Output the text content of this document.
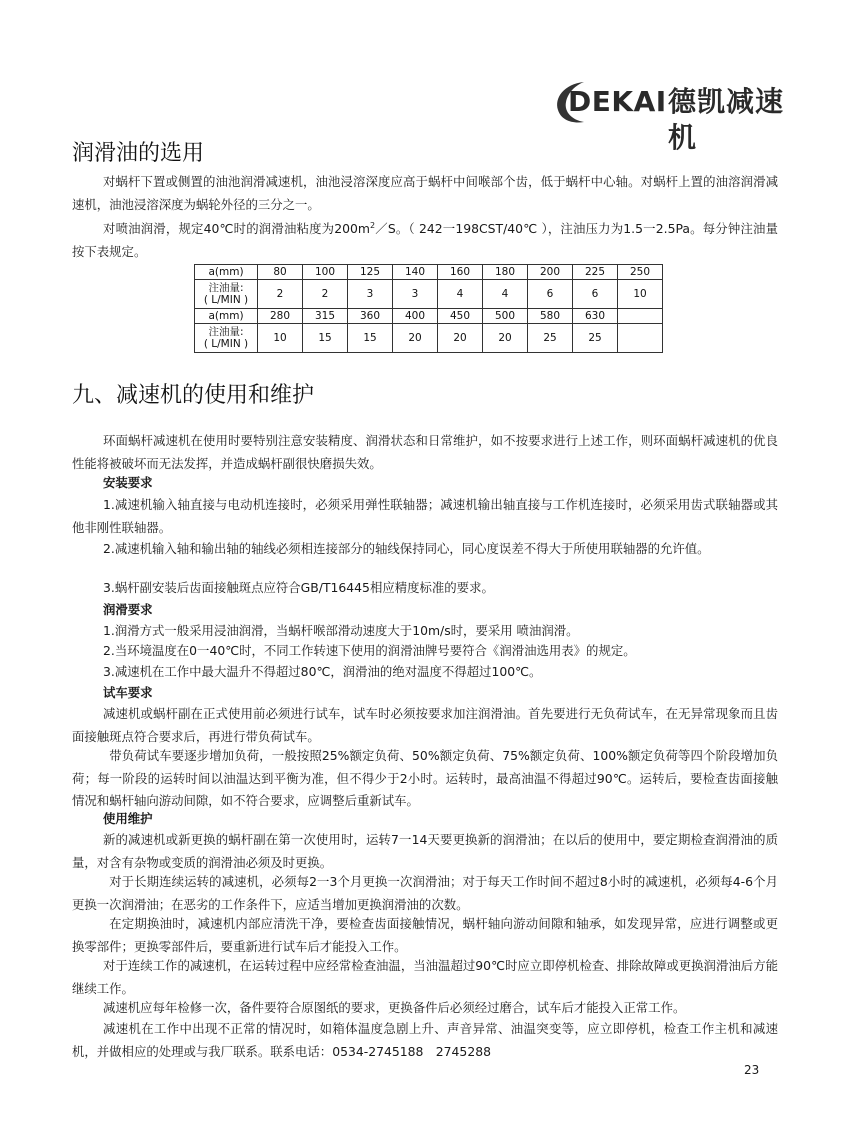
DEKAI 德凯减速机
润滑油的选用

对蜗杆下置或侧置的油池润滑减速机，油池浸溶深度应高于蜗杆中间喉部个齿，低于蜗杆中心轴。对蜗杆上置的油溶润滑减速机，油池浸溶深度为蜗轮外径的三分之一。

对喷油润滑，规定40℃时的润滑油粘度为$200m^2/S$。（ 242一198CST/40℃ ），注油压力为1.5一2.5Pa。每分钟注油量按下表规定。

a(mm)	80	100	125	140	160	180	200	225	250
注油量:
( L/MIN )	2	2	3	3	4	4	6	6	10
a(mm)	280	315	360	400	450	500	580	630	
注油量:
( L/MIN )	10	15	15	20	20	20	25	25	
九、减速机的使用和维护

环面蜗杆减速机在使用时要特别注意安装精度、润滑状态和日常维护，如不按要求进行上述工作，则环面蜗杆减速机的优良性能将被破坏而无法发挥，并造成蜗杆副很快磨损失效。

安装要求

1.减速机输入轴直接与电动机连接时，必须采用弹性联轴器；减速机输出轴直接与工作机连接时，必须采用齿式联轴器或其他非刚性联轴器。

2.减速机输入轴和输出轴的轴线必须相连接部分的轴线保持同心，同心度误差不得大于所使用联轴器的允许值。

3.蜗杆副安装后齿面接触斑点应符合GB/T16445相应精度标准的要求。

润滑要求

1.润滑方式一般采用浸油润滑，当蜗杆喉部滑动速度大于10m/s时，要采用 喷油润滑。

2.当环境温度在0一40℃时，不同工作转速下使用的润滑油牌号要符合《润滑油选用表》的规定。

3.减速机在工作中最大温升不得超过80℃，润滑油的绝对温度不得超过100℃。

试车要求

减速机或蜗杆副在正式使用前必须进行试车，试车时必须按要求加注润滑油。首先要进行无负荷试车，在无异常现象而且齿面接触斑点符合要求后，再进行带负荷试车。

带负荷试车要逐步增加负荷，一般按照25%额定负荷、50%额定负荷、75%额定负荷、100%额定负荷等四个阶段增加负荷；每一阶段的运转时间以油温达到平衡为准，但不得少于2小时。运转时，最高油温不得超过90℃。运转后，要检查齿面接触情况和蜗杆轴向游动间隙，如不符合要求，应调整后重新试车。

使用维护

新的减速机或新更换的蜗杆副在第一次使用时，运转7一14天要更换新的润滑油；在以后的使用中，要定期检查润滑油的质量，对含有杂物或变质的润滑油必须及时更换。

对于长期连续运转的减速机，必须每2一3个月更换一次润滑油；对于每天工作时间不超过8小时的减速机，必须每4-6个月更换一次润滑油；在恶劣的工作条件下，应适当增加更换润滑油的次数。

在定期换油时，减速机内部应清洗干净，要检查齿面接触情况，蜗杆轴向游动间隙和轴承，如发现异常，应进行调整或更换零部件；更换零部件后，要重新进行试车后才能投入工作。

对于连续工作的减速机，在运转过程中应经常检查油温，当油温超过90℃时应立即停机检查、排除故障或更换润滑油后方能继续工作。

减速机应每年检修一次，备件要符合原图纸的要求，更换备件后必须经过磨合，试车后才能投入正常工作。

减速机在工作中出现不正常的情况时，如箱体温度急剧上升、声音异常、油温突变等，应立即停机，检查工作主机和减速机，并做相应的处理或与我厂联系。联系电话：0534-2745188　2745288

23
